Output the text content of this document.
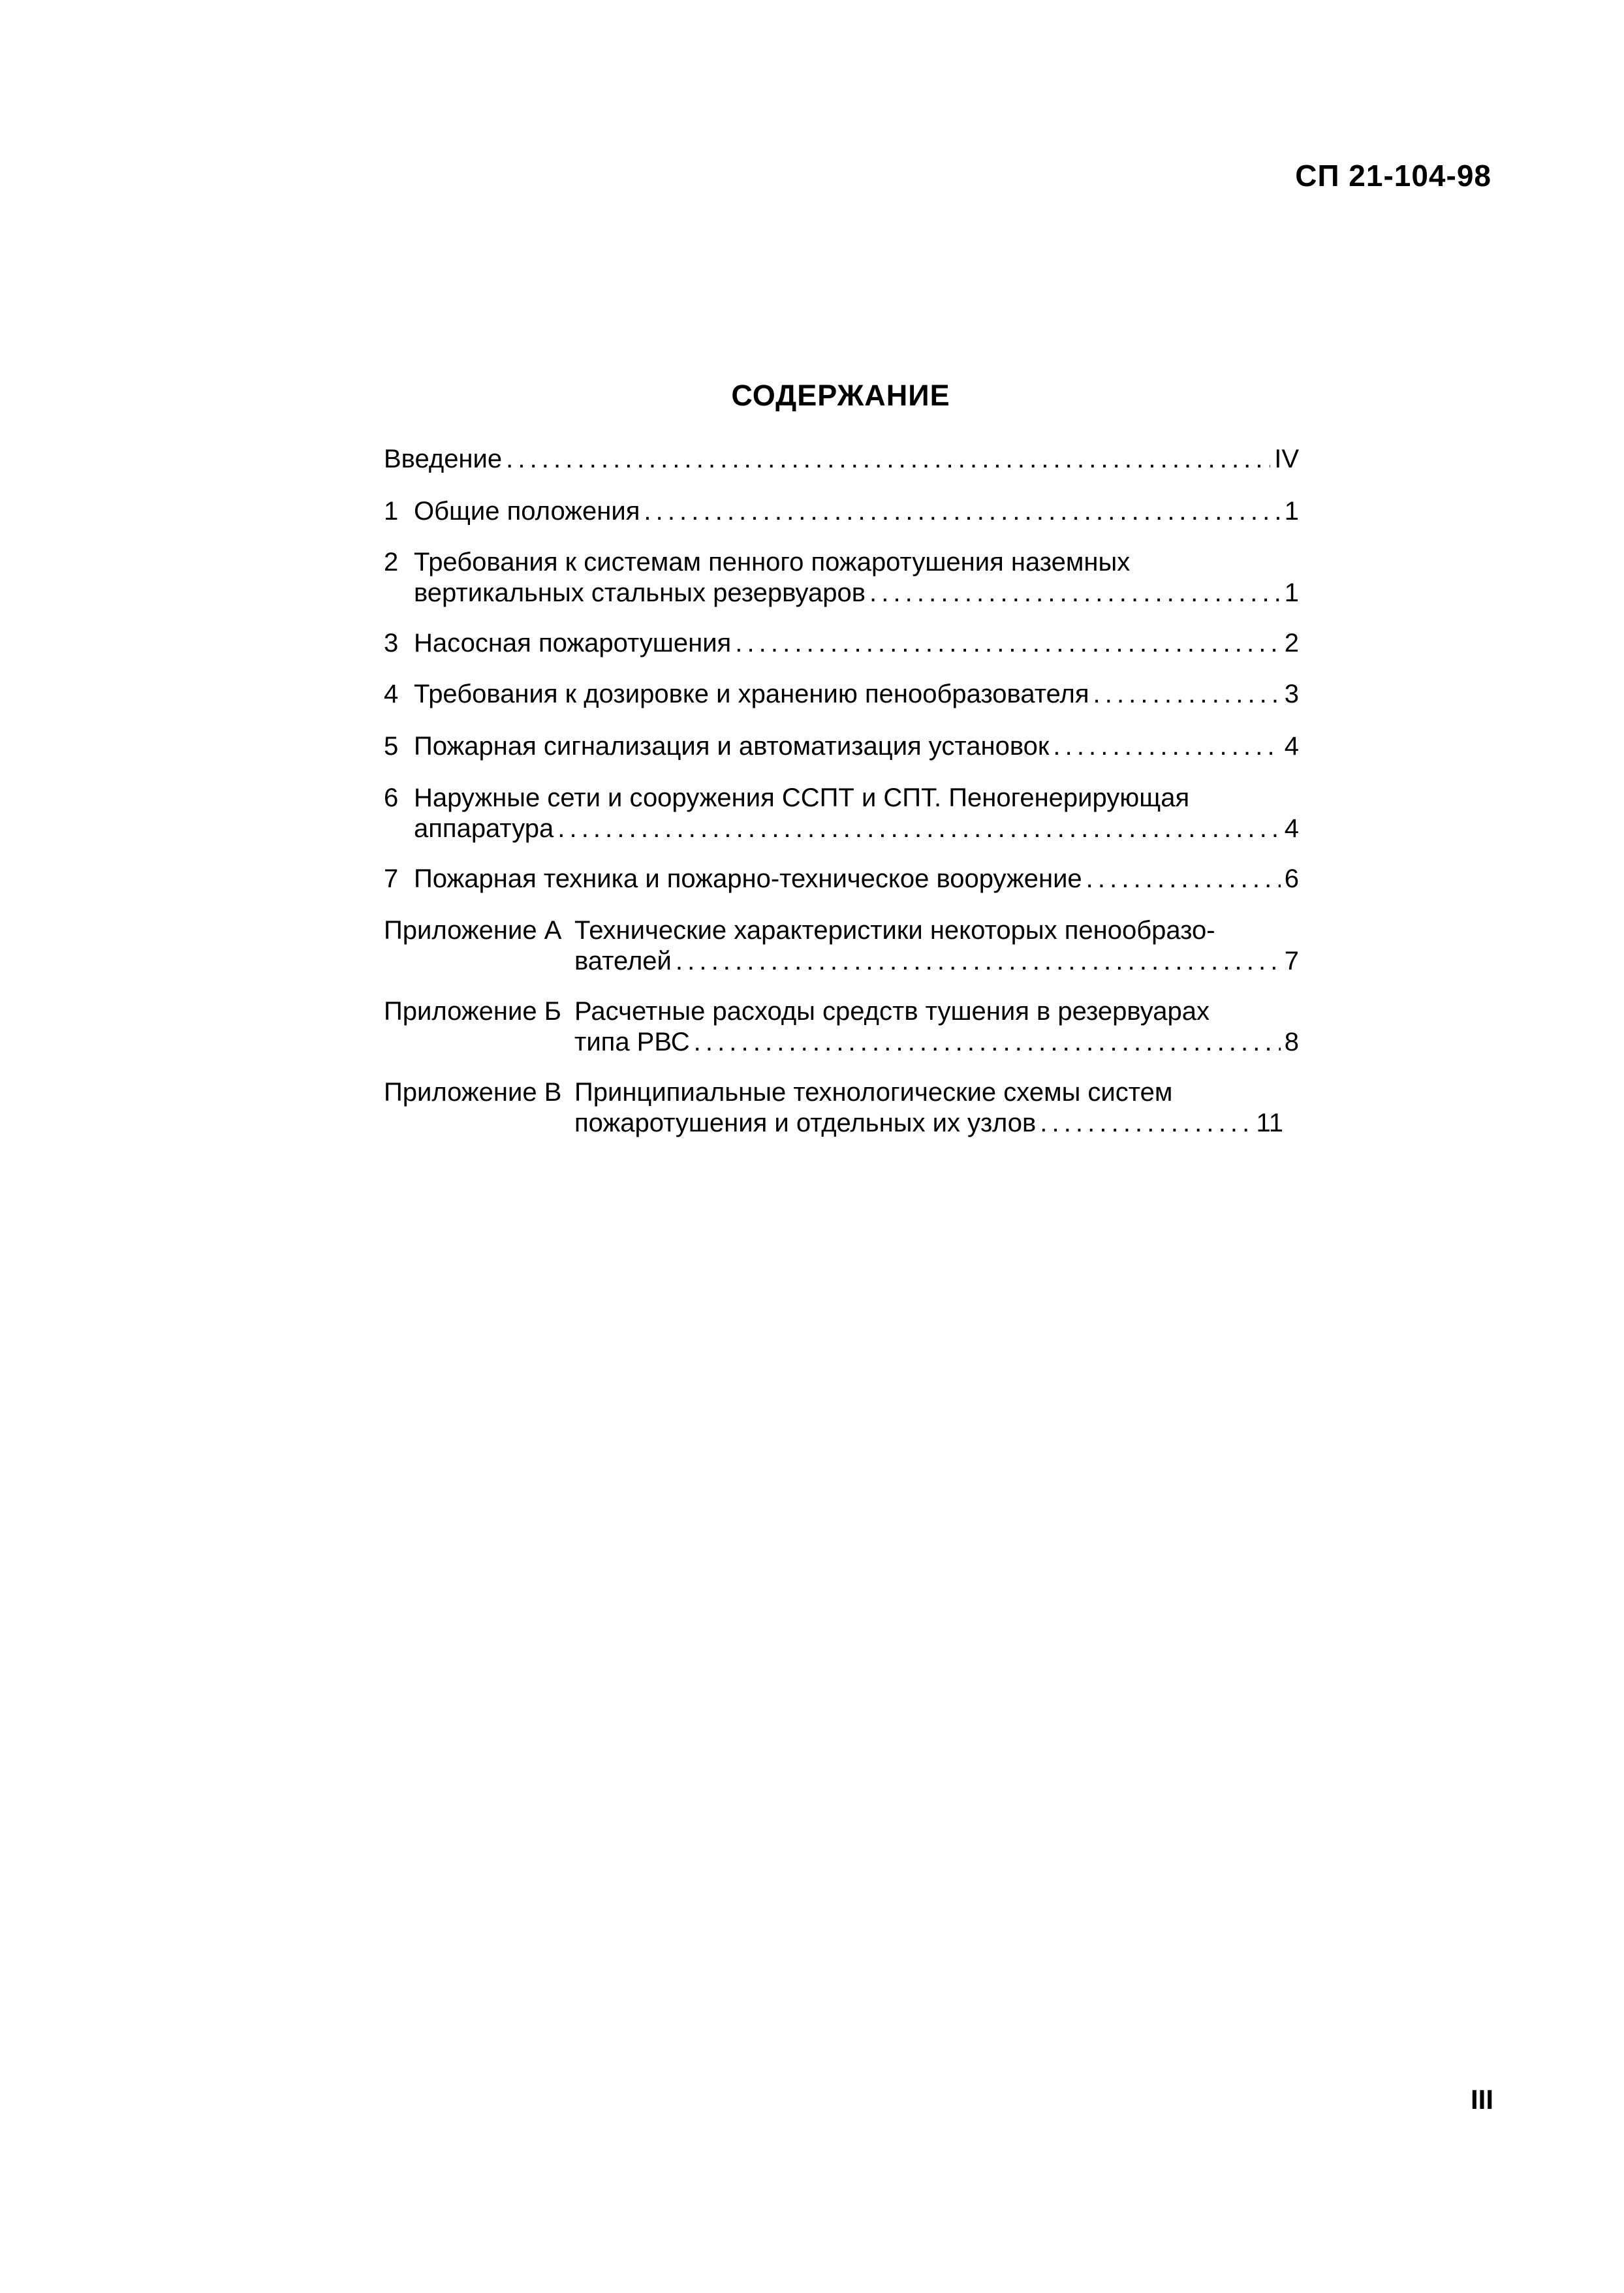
СП 21-104-98
СОДЕРЖАНИЕ
Введение . . .	IV
1 Общие положения . . .	1
2 Требования к системам пенного пожаротушения наземных
вертикальных стальных резервуаров . . .	1
3 Насосная пожаротушения . . .	2
4 Требования к дозировке и хранению пенообразователя . . .	3
5 Пожарная сигнализация и автоматизация установок . . .	4
6 Наружные сети и сооружения ССПТ и СПТ. Пеногенерирующая
аппаратура . . .	4
7 Пожарная техника и пожарно-техническое вооружение . . .	6
Приложение А Технические характеристики некоторых пенообразо-
вателей . . .	7
Приложение Б Расчетные расходы средств тушения в резервуарах
типа РВС . . .	8
Приложение В Принципиальные технологические схемы систем
пожаротушения и отдельных их узлов . . .	11
III
